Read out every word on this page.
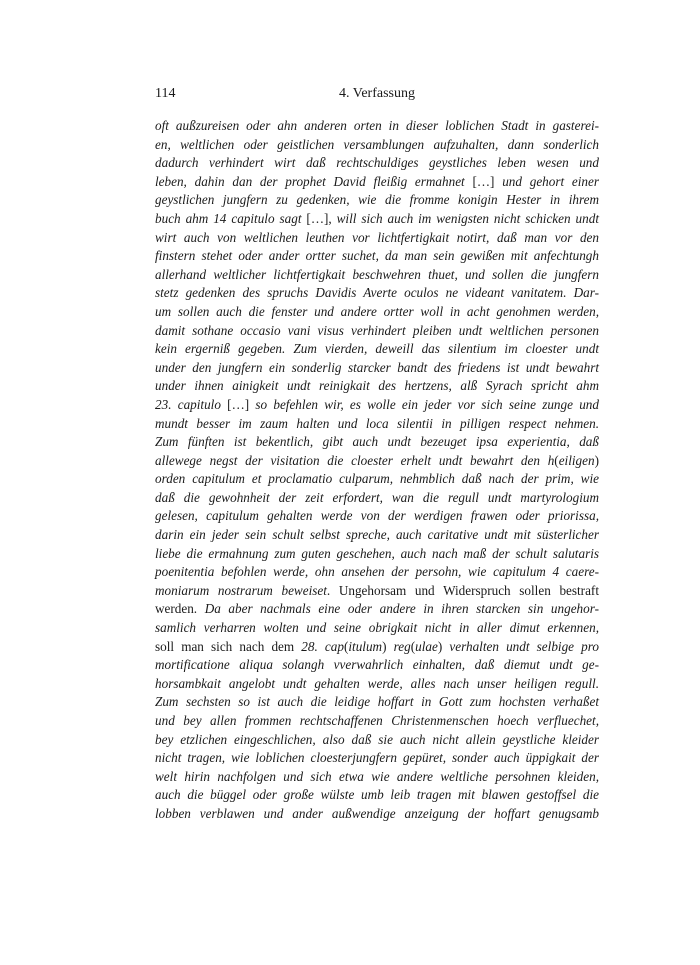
114	4. Verfassung
oft außzureisen oder ahn anderen orten in dieser loblichen Stadt in gasterei-
en, weltlichen oder geistlichen versamblungen aufzuhalten, dann sonderlich
dadurch verhindert wirt daß rechtschuldiges geystliches leben wesen und
leben, dahin dan der prophet David fleißig ermahnet […] und gehort einer
geystlichen jungfern zu gedenken, wie die fromme konigin Hester in ihrem
buch ahm 14 capitulo sagt […], will sich auch im wenigsten nicht schicken undt
wirt auch von weltlichen leuthen vor lichtfertigkait notirt, daß man vor den
finstern stehet oder ander ortter suchet, da man sein gewißen mit anfechtungh
allerhand weltlicher lichtfertigkait beschwehren thuet, und sollen die jungfern
stetz gedenken des spruchs Davidis Averte oculos ne videant vanitatem. Dar-
um sollen auch die fenster und andere ortter woll in acht genohmen werden,
damit sothane occasio vani visus verhindert pleiben undt weltlichen personen
kein ergerniß gegeben. Zum vierden, deweill das silentium im cloester undt
under den jungfern ein sonderlig starcker bandt des friedens ist undt bewahrt
under ihnen ainigkeit undt reinigkait des hertzens, alß Syrach spricht ahm
23. capitulo […] so befehlen wir, es wolle ein jeder vor sich seine zunge und
mundt besser im zaum halten und loca silentii in pilligen respect nehmen.
Zum fünften ist bekentlich, gibt auch undt bezeuget ipsa experientia, daß
allewege negst der visitation die cloester erhelt undt bewahrt den h(eiligen)
orden capitulum et proclamatio culparum, nehmblich daß nach der prim, wie
daß die gewohnheit der zeit erfordert, wan die regull undt martyrologium
gelesen, capitulum gehalten werde von der werdigen frawen oder priorissa,
darin ein jeder sein schult selbst spreche, auch caritative undt mit süsterlicher
liebe die ermahnung zum guten geschehen, auch nach maß der schult salutaris
poenitentia befohlen werde, ohn ansehen der persohn, wie capitulum 4 caere-
moniarum nostrarum beweiset. Ungehorsam und Widerspruch sollen bestraft
werden. Da aber nachmals eine oder andere in ihren starcken sin ungehor-
samlich verharren wolten und seine obrigkait nicht in aller dimut erkennen,
soll man sich nach dem 28. cap(itulum) reg(ulae) verhalten undt selbige pro
mortificatione aliqua solangh vverwahrlich einhalten, daß diemut undt ge-
horsambkait angelobt undt gehalten werde, alles nach unser heiligen regull.
Zum sechsten so ist auch die leidige hoffart in Gott zum hochsten verhaßet
und bey allen frommen rechtschaffenen Christenmenschen hoech verfluechet,
bey etzlichen eingeschlichen, also daß sie auch nicht allein geystliche kleider
nicht tragen, wie loblichen cloesterjungfern gepüret, sonder auch üppigkait der
welt hirin nachfolgen und sich etwa wie andere weltliche persohnen kleiden,
auch die büggel oder große wülste umb leib tragen mit blawen gestoffsel die
lobben verblawen und ander außwendige anzeigung der hoffart genugsamb
